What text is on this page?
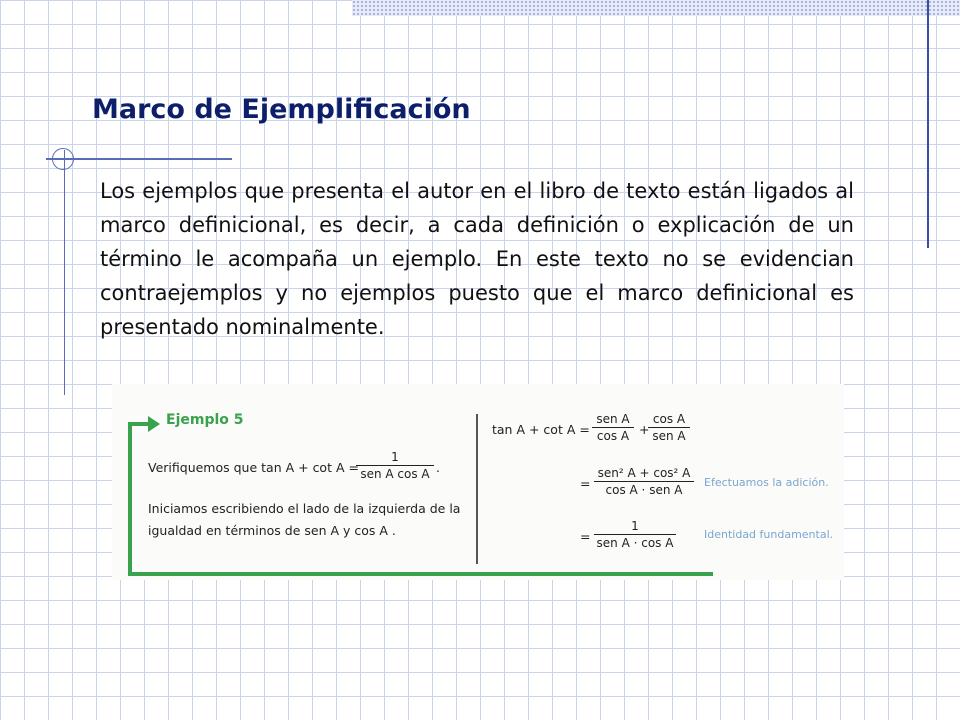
Marco de Ejemplificación

Los ejemplos que presenta el autor en el libro de texto están ligados al marco definicional, es decir, a cada definición o explicación de un término le acompaña un ejemplo. En este texto no se evidencian contraejemplos y no ejemplos puesto que el marco definicional es presentado nominalmente.

Ejemplo 5
Verifiquemos que tan A + cot A =
1
sen A cos A .
Iniciamos escribiendo el lado de la izquierda de la
igualdad en términos de sen A y cos A .
tan A + cot A =
sen A
cos A +
cos A
sen A
=
sen² A + cos² A
cos A · sen A
Efectuamos la adición.
=
1
sen A · cos A
Identidad fundamental.
